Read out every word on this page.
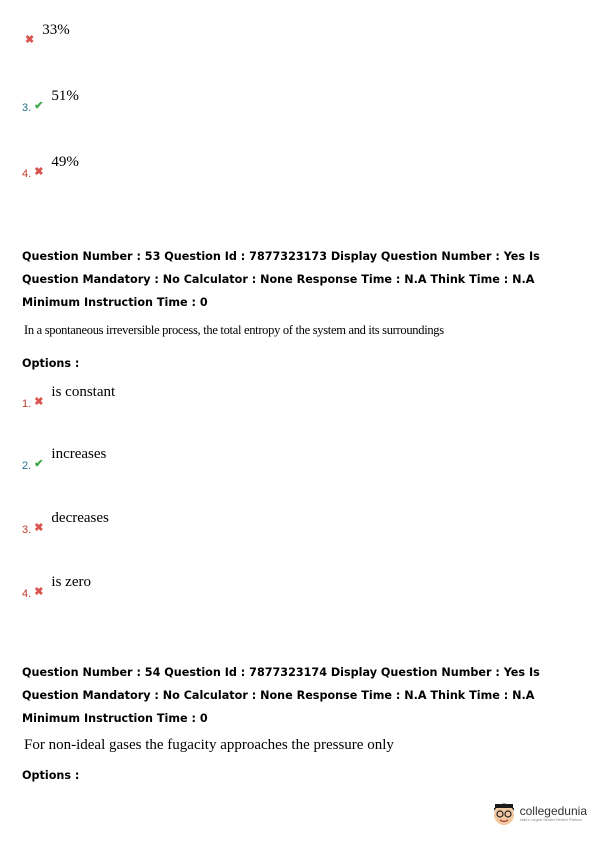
✖
33%
3. ✔
51%
4. ✖
49%
Question Number : 53 Question Id : 7877323173 Display Question Number : Yes Is Question Mandatory : No Calculator : None Response Time : N.A Think Time : N.A Minimum Instruction Time : 0
In a spontaneous irreversible process, the total entropy of the system and its surroundings
Options :
1. ✖
is constant
2. ✔
increases
3. ✖
decreases
4. ✖
is zero
Question Number : 54 Question Id : 7877323174 Display Question Number : Yes Is Question Mandatory : No Calculator : None Response Time : N.A Think Time : N.A Minimum Instruction Time : 0
For non-ideal gases the fugacity approaches the pressure only
Options :
collegedunia
India's Largest Student Review Platform
